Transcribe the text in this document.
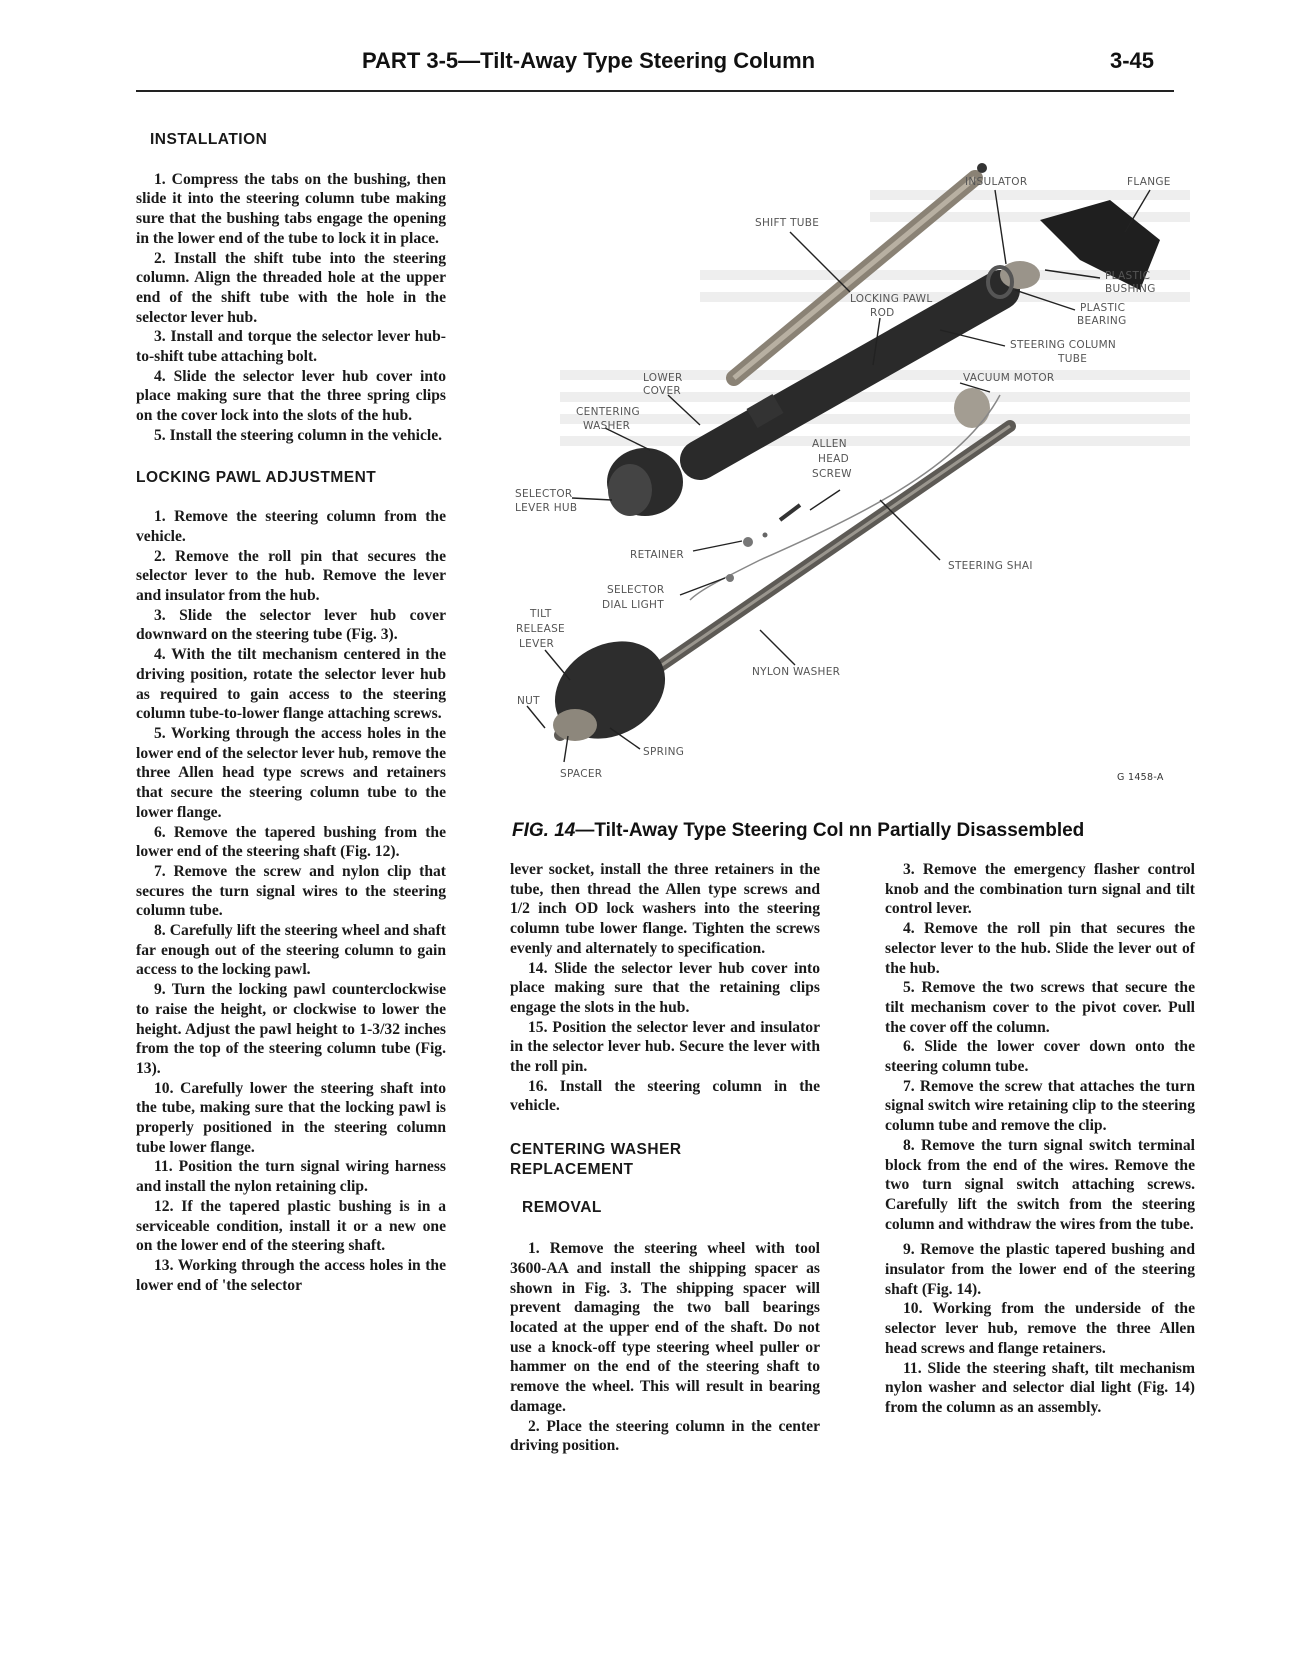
PART 3-5—Tilt-Away Type Steering Column	3-45

INSTALLATION

1. Compress the tabs on the bushing, then slide it into the steering column tube making sure that the bushing tabs engage the opening in the lower end of the tube to lock it in place.

2. Install the shift tube into the steering column. Align the threaded hole at the upper end of the shift tube with the hole in the selector lever hub.

3. Install and torque the selector lever hub-to-shift tube attaching bolt.

4. Slide the selector lever hub cover into place making sure that the three spring clips on the cover lock into the slots of the hub.

5. Install the steering column in the vehicle.

LOCKING PAWL ADJUSTMENT

1. Remove the steering column from the vehicle.

2. Remove the roll pin that secures the selector lever to the hub. Remove the lever and insulator from the hub.

3. Slide the selector lever hub cover downward on the steering tube (Fig. 3).

4. With the tilt mechanism centered in the driving position, rotate the selector lever hub as required to gain access to the steering column tube-to-lower flange attaching screws.

5. Working through the access holes in the lower end of the selector lever hub, remove the three Allen head type screws and retainers that secure the steering column tube to the lower flange.

6. Remove the tapered bushing from the lower end of the steering shaft (Fig. 12).

7. Remove the screw and nylon clip that secures the turn signal wires to the steering column tube.

8. Carefully lift the steering wheel and shaft far enough out of the steering column to gain access to the locking pawl.

9. Turn the locking pawl counterclockwise to raise the height, or clockwise to lower the height. Adjust the pawl height to 1-3/32 inches from the top of the steering column tube (Fig. 13).

10. Carefully lower the steering shaft into the tube, making sure that the locking pawl is properly positioned in the steering column tube lower flange.

11. Position the turn signal wiring harness and install the nylon retaining clip.

12. If the tapered plastic bushing is in a serviceable condition, install it or a new one on the lower end of the steering shaft.

13. Working through the access holes in the lower end of 'the selector

INSULATOR	FLANGE
SHIFT TUBE
PLASTIC
BUSHING
LOCKING PAWL
ROD	PLASTIC
BEARING
STEERING COLUMN
TUBE
LOWER
COVER
VACUUM MOTOR
CENTERING
WASHER
ALLEN
HEAD
SCREW
SELECTOR
LEVER HUB
RETAINER
STEERING SHAI
SELECTOR
DIAL LIGHT
TILT
RELEASE
LEVER
NYLON WASHER
NUT
SPRING
SPACER	G 1458-A
FIG. 14—Tilt-Away Type Steering Col nn Partially Disassembled

lever socket, install the three retainers in the tube, then thread the Allen type screws and 1/2 inch OD lock washers into the steering column tube lower flange. Tighten the screws evenly and alternately to specification.

14. Slide the selector lever hub cover into place making sure that the retaining clips engage the slots in the hub.

15. Position the selector lever and insulator in the selector lever hub. Secure the lever with the roll pin.

16. Install the steering column in the vehicle.

CENTERING WASHER

REPLACEMENT

REMOVAL

1. Remove the steering wheel with tool 3600-AA and install the shipping spacer as shown in Fig. 3. The shipping spacer will prevent damaging the two ball bearings located at the upper end of the shaft. Do not use a knock-off type steering wheel puller or hammer on the end of the steering shaft to remove the wheel. This will result in bearing damage.

2. Place the steering column in the center driving position.

3. Remove the emergency flasher control knob and the combination turn signal and tilt control lever.

4. Remove the roll pin that secures the selector lever to the hub. Slide the lever out of the hub.

5. Remove the two screws that secure the tilt mechanism cover to the pivot cover. Pull the cover off the column.

6. Slide the lower cover down onto the steering column tube.

7. Remove the screw that attaches the turn signal switch wire retaining clip to the steering column tube and remove the clip.

8. Remove the turn signal switch terminal block from the end of the wires. Remove the two turn signal switch attaching screws. Carefully lift the switch from the steering column and withdraw the wires from the tube.

9. Remove the plastic tapered bushing and insulator from the lower end of the steering shaft (Fig. 14).

10. Working from the underside of the selector lever hub, remove the three Allen head screws and flange retainers.

11. Slide the steering shaft, tilt mechanism nylon washer and selector dial light (Fig. 14) from the column as an assembly.
